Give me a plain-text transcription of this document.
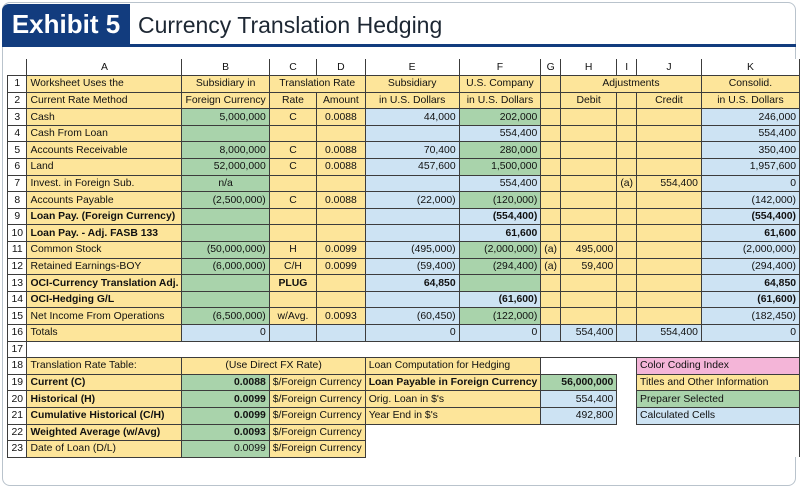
Exhibit 5 Currency Translation Hedging
	A	B	C	D	E	F	G	H	I	J	K
1	Worksheet Uses the	Subsidiary in	Translation Rate		Subsidiary	U.S. Company		Adjustments			Consolid.
2	Current Rate Method	Foreign Currency	Rate	Amount	in U.S. Dollars	in U.S. Dollars		Debit		Credit	in U.S. Dollars
3	Cash	5,000,000	C	0.0088	44,000	202,000					246,000
4	Cash From Loan					554,400					554,400
5	Accounts Receivable	8,000,000	C	0.0088	70,400	280,000					350,400
6	Land	52,000,000	C	0.0088	457,600	1,500,000					1,957,600
7	Invest. in Foreign Sub.	n/a				554,400			(a)	554,400	0
8	Accounts Payable	(2,500,000)	C	0.0088	(22,000)	(120,000)					(142,000)
9	Loan Pay. (Foreign Currency)					(554,400)					(554,400)
10	Loan Pay. - Adj. FASB 133					61,600					61,600
11	Common Stock	(50,000,000)	H	0.0099	(495,000)	(2,000,000)	(a)	495,000			(2,000,000)
12	Retained Earnings-BOY	(6,000,000)	C/H	0.0099	(59,400)	(294,400)	(a)	59,400			(294,400)
13	OCI-Currency Translation Adj.		PLUG		64,850						64,850
14	OCI-Hedging G/L					(61,600)					(61,600)
15	Net Income From Operations	(6,500,000)	w/Avg.	0.0093	(60,450)	(122,000)					(182,450)
16	Totals	0			0	0		554,400		554,400	0
17											
18	Translation Rate Table:	(Use Direct FX Rate)			Loan Computation for Hedging					Color Coding Index	
19	Current (C)	0.0088	$/Foreign Currency		Loan Payable in Foreign Currency		56,000,000			Titles and Other Information	
20	Historical (H)	0.0099	$/Foreign Currency		Orig. Loan in $'s		554,400			Preparer Selected	
21	Cumulative Historical (C/H)	0.0099	$/Foreign Currency		Year End in $'s		492,800			Calculated Cells	
22	Weighted Average (w/Avg)	0.0093	$/Foreign Currency								
23	Date of Loan (D/L)	0.0099	$/Foreign Currency								
